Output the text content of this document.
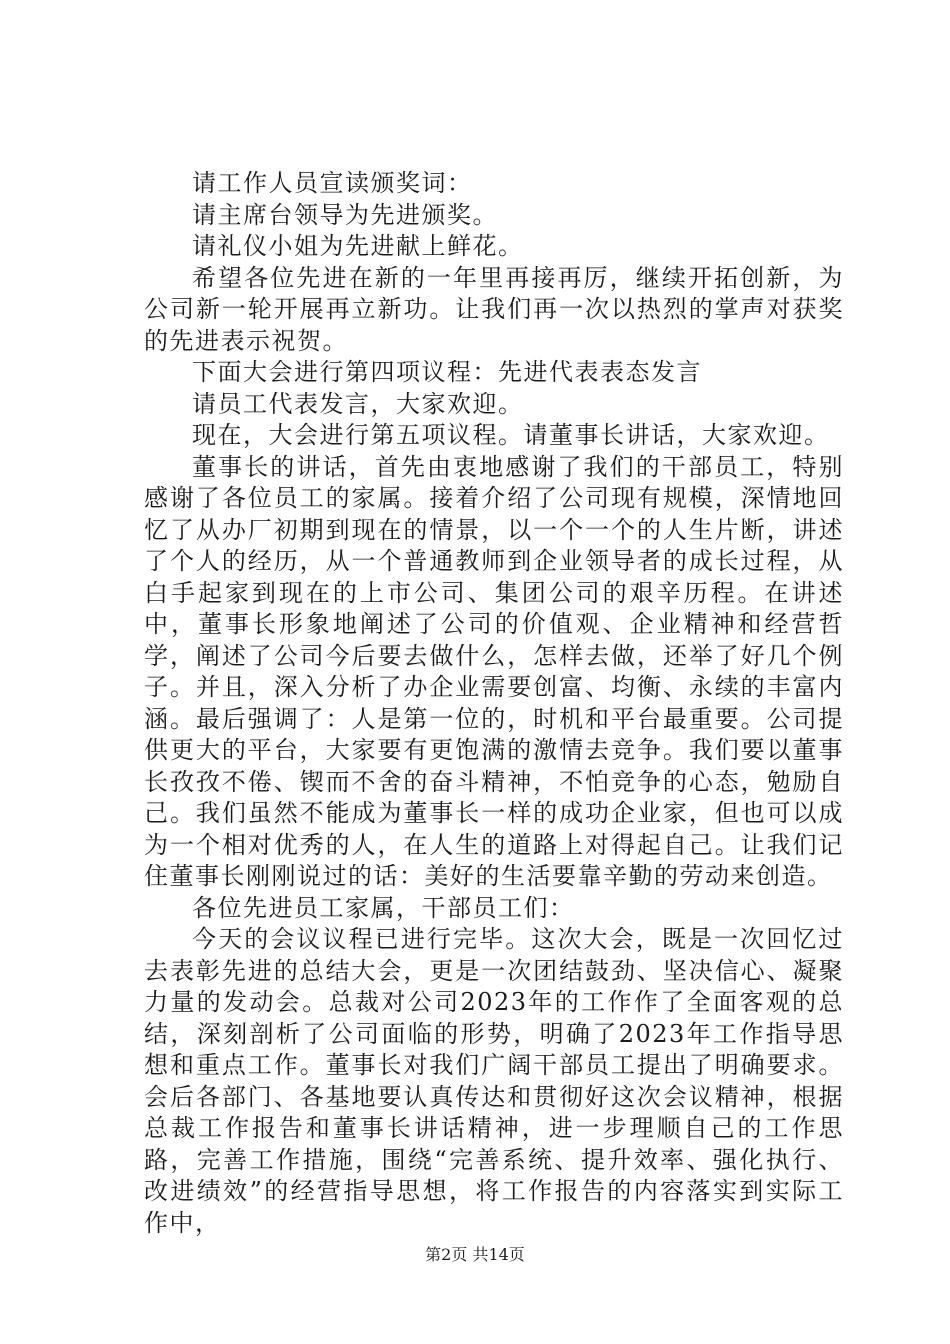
请工作人员宣读颁奖词：

请主席台领导为先进颁奖。

请礼仪小姐为先进献上鲜花。

希望各位先进在新的一年里再接再厉，继续开拓创新，为公司新一轮开展再立新功。让我们再一次以热烈的掌声对获奖的先进表示祝贺。

下面大会进行第四项议程：先进代表表态发言

请员工代表发言，大家欢迎。

现在，大会进行第五项议程。请董事长讲话，大家欢迎。

董事长的讲话，首先由衷地感谢了我们的干部员工，特别感谢了各位员工的家属。接着介绍了公司现有规模，深情地回忆了从办厂初期到现在的情景，以一个一个的人生片断，讲述了个人的经历，从一个普通教师到企业领导者的成长过程，从白手起家到现在的上市公司、集团公司的艰辛历程。在讲述中，董事长形象地阐述了公司的价值观、企业精神和经营哲学，阐述了公司今后要去做什么，怎样去做，还举了好几个例子。并且，深入分析了办企业需要创富、均衡、永续的丰富内涵。最后强调了：人是第一位的，时机和平台最重要。公司提供更大的平台，大家要有更饱满的激情去竞争。我们要以董事长孜孜不倦、锲而不舍的奋斗精神，不怕竞争的心态，勉励自己。我们虽然不能成为董事长一样的成功企业家，但也可以成为一个相对优秀的人，在人生的道路上对得起自己。让我们记住董事长刚刚说过的话：美好的生活要靠辛勤的劳动来创造。

各位先进员工家属，干部员工们：

今天的会议议程已进行完毕。这次大会，既是一次回忆过去表彰先进的总结大会，更是一次团结鼓劲、坚决信心、凝聚力量的发动会。总裁对公司2023年的工作作了全面客观的总结，深刻剖析了公司面临的形势，明确了2023年工作指导思想和重点工作。董事长对我们广阔干部员工提出了明确要求。会后各部门、各基地要认真传达和贯彻好这次会议精神，根据总裁工作报告和董事长讲话精神，进一步理顺自己的工作思路，完善工作措施，围绕“完善系统、提升效率、强化执行、改进绩效”的经营指导思想，将工作报告的内容落实到实际工作中，

第2页 共14页
